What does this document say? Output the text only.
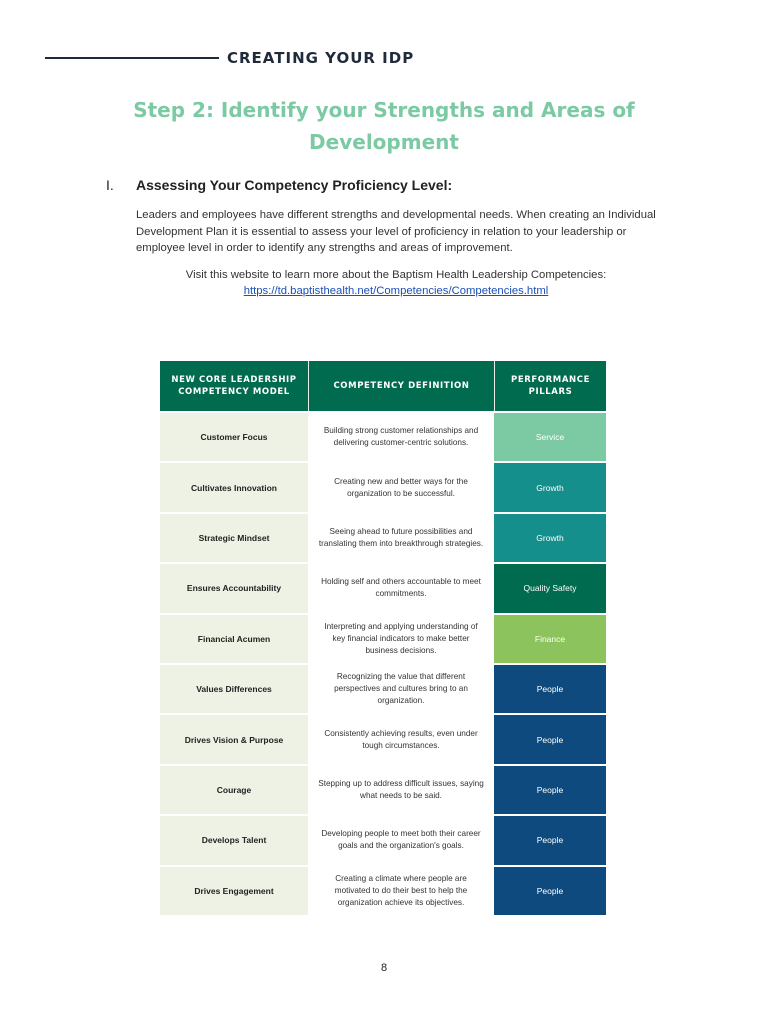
CREATING YOUR IDP
Step 2: Identify your Strengths and Areas of
Development
I. Assessing Your Competency Proficiency Level:
Leaders and employees have different strengths and developmental needs. When creating an Individual Development Plan it is essential to assess your level of proficiency in relation to your leadership or employee level in order to identify any strengths and areas of improvement.
Visit this website to learn more about the Baptism Health Leadership Competencies:
https://td.baptisthealth.net/Competencies/Competencies.html
NEW CORE LEADERSHIP COMPETENCY MODEL
COMPETENCY DEFINITION
PERFORMANCE PILLARS
Customer Focus
Building strong customer relationships and delivering customer-centric solutions.
Service
Cultivates Innovation
Creating new and better ways for the organization to be successful.
Growth
Strategic Mindset
Seeing ahead to future possibilities and translating them into breakthrough strategies.
Growth
Ensures Accountability
Holding self and others accountable to meet commitments.
Quality Safety
Financial Acumen
Interpreting and applying understanding of key financial indicators to make better business decisions.
Finance
Values Differences
Recognizing the value that different perspectives and cultures bring to an organization.
People
Drives Vision & Purpose
Consistently achieving results, even under tough circumstances.
People
Courage
Stepping up to address difficult issues, saying what needs to be said.
People
Develops Talent
Developing people to meet both their career goals and the organization's goals.
People
Drives Engagement
Creating a climate where people are motivated to do their best to help the organization achieve its objectives.
People
8
